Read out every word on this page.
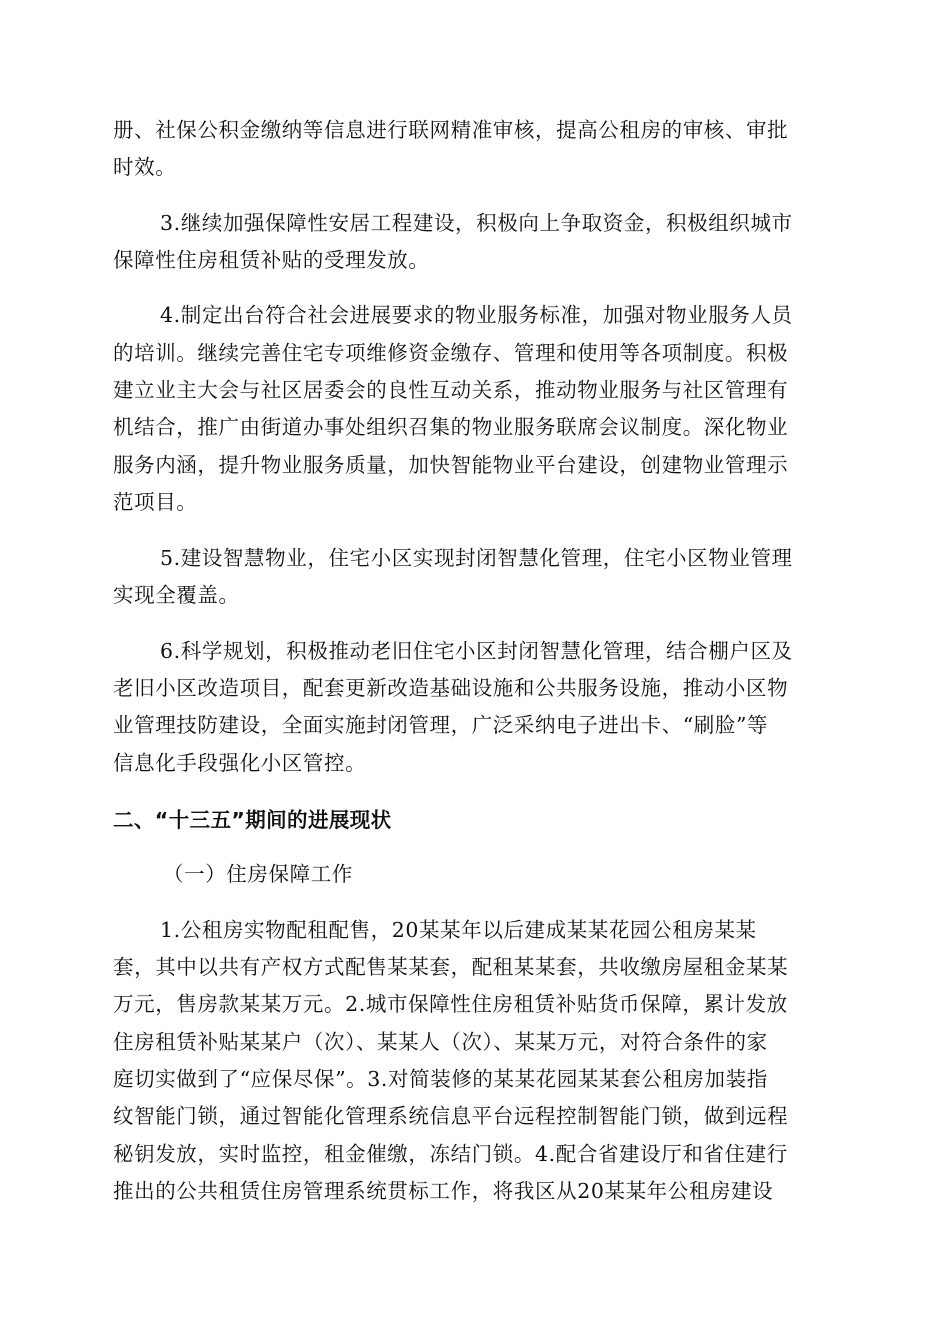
册、社保公积金缴纳等信息进行联网精准审核，提高公租房的审核、审批
时效。
3.继续加强保障性安居工程建设，积极向上争取资金，积极组织城市
保障性住房租赁补贴的受理发放。
4.制定出台符合社会进展要求的物业服务标准，加强对物业服务人员
的培训。继续完善住宅专项维修资金缴存、管理和使用等各项制度。积极
建立业主大会与社区居委会的良性互动关系，推动物业服务与社区管理有
机结合，推广由街道办事处组织召集的物业服务联席会议制度。深化物业
服务内涵，提升物业服务质量，加快智能物业平台建设，创建物业管理示
范项目。
5.建设智慧物业，住宅小区实现封闭智慧化管理，住宅小区物业管理
实现全覆盖。
6.科学规划，积极推动老旧住宅小区封闭智慧化管理，结合棚户区及
老旧小区改造项目，配套更新改造基础设施和公共服务设施，推动小区物
业管理技防建设，全面实施封闭管理，广泛采纳电子进出卡、“刷脸”等
信息化手段强化小区管控。
二、“十三五”期间的进展现状
（一）住房保障工作
1.公租房实物配租配售，20某某年以后建成某某花园公租房某某
套，其中以共有产权方式配售某某套，配租某某套，共收缴房屋租金某某
万元，售房款某某万元。2.城市保障性住房租赁补贴货币保障，累计发放
住房租赁补贴某某户（次）、某某人（次）、某某万元，对符合条件的家
庭切实做到了“应保尽保”。3.对简装修的某某花园某某套公租房加装指
纹智能门锁，通过智能化管理系统信息平台远程控制智能门锁，做到远程
秘钥发放，实时监控，租金催缴，冻结门锁。4.配合省建设厅和省住建行
推出的公共租赁住房管理系统贯标工作，将我区从20某某年公租房建设
